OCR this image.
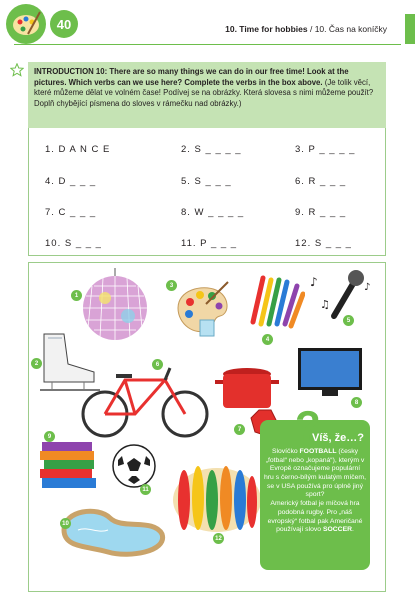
40	10. Time for hobbies / 10. Čas na koníčky
INTRODUCTION 10: There are so many things we can do in our free time! Look at the pictures. Which verbs can we use here? Complete the verbs in the box above. (Je tolik věcí, které můžeme dělat ve volném čase! Podívej se na obrázky. Která slovesa s nimi můžeme použít? Doplň chybějící písmena do sloves v rámečku nad obrázky.)
1. D A N C E	2. S _ _ _ _	3. P _ _ _ _
4. D _ _ _	5. S _ _ _	6. R _ _ _
7. C _ _ _	8. W _ _ _ _	9. R _ _ _
10. S _ _ _	11. P _ _ _	12. S _ _ _
♪
♫
♪
1
2
3
4
5
6
7
8
9
10
11
12
Víš, že…?
Slovíčko FOOTBALL (česky „fotbal“ nebo „kopaná“), kterým v Evropě označujeme populární hru s černo-bílým kulatým míčem, se v USA používá pro úplně jiný sport?
Americký fotbal je míčová hra podobná rugby. Pro „náš evropský“ fotbal pak Američané používají slovo SOCCER.
?
